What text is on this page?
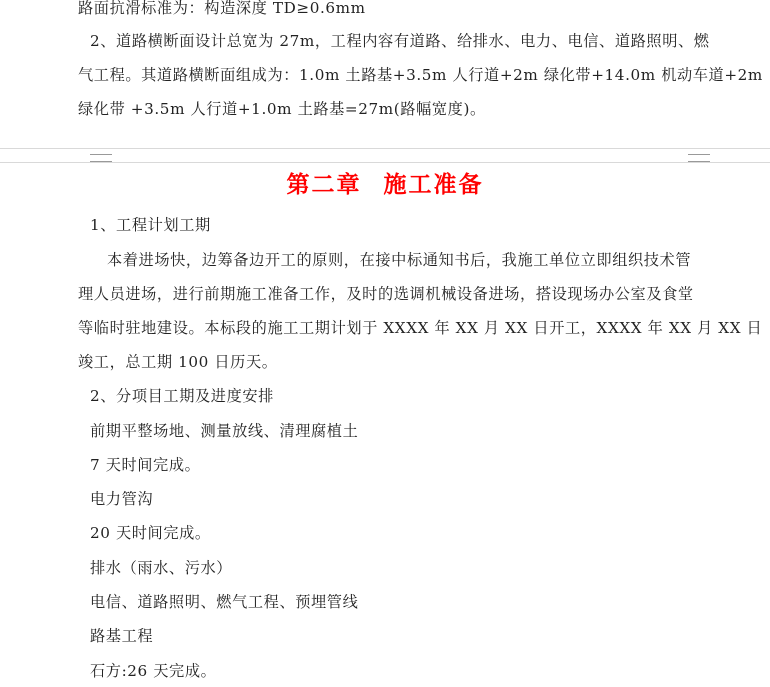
路面抗滑标准为：构造深度 TD≥0.6mm
2、道路横断面设计总宽为 27m，工程内容有道路、给排水、电力、电信、道路照明、燃
气工程。其道路横断面组成为：1.0m 土路基+3.5m 人行道+2m 绿化带+14.0m 机动车道+2m
绿化带 +3.5m 人行道+1.0m 土路基=27m(路幅宽度)。
第二章 施工准备
1、工程计划工期
本着进场快，边筹备边开工的原则，在接中标通知书后，我施工单位立即组织技术管
理人员进场，进行前期施工准备工作，及时的选调机械设备进场，搭设现场办公室及食堂
等临时驻地建设。本标段的施工工期计划于 XXXX 年 XX 月 XX 日开工，XXXX 年 XX 月 XX 日
竣工，总工期 100 日历天。
2、分项目工期及进度安排
前期平整场地、测量放线、清理腐植土
7 天时间完成。
电力管沟
20 天时间完成。
排水（雨水、污水）
电信、道路照明、燃气工程、预埋管线
路基工程
石方:26 天完成。
